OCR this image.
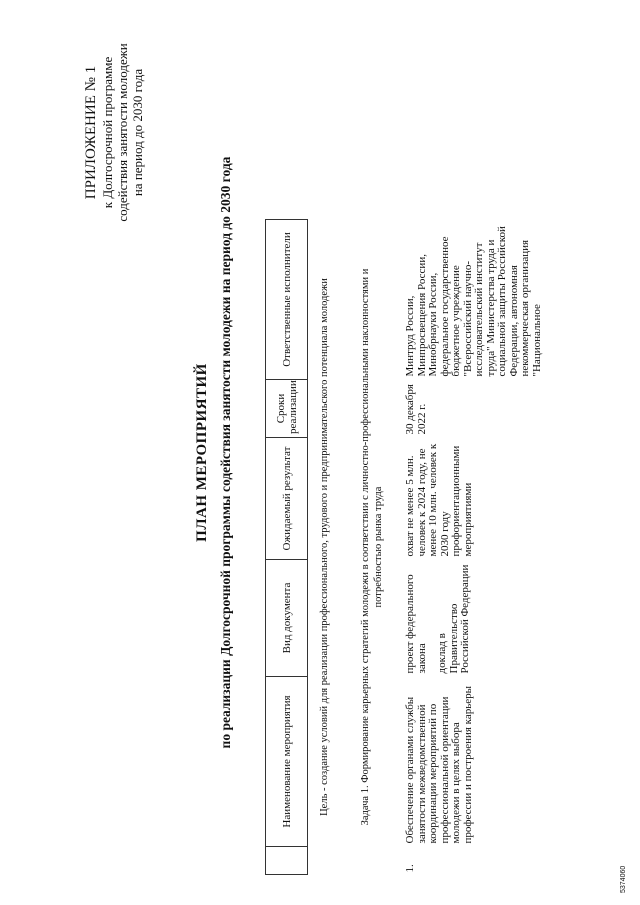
ПРИЛОЖЕНИЕ № 1 к Долгосрочной программе содействия занятости молодежи на период до 2030 года
ПЛАН МЕРОПРИЯТИЙ по реализации Долгосрочной программы содействия занятости молодежи на период до 2030 года
	Наименование мероприятия	Вид документа	Ожидаемый результат	Сроки реализации	Ответственные исполнители
Цель - создание условий для реализации профессионального, трудового и предпринимательского потенциала молодежи					
Задача 1. Формирование карьерных стратегий молодежи в соответствии с личностно-профессиональными наклонностями и потребностью рынка труда					
1.	Обеспечение органами службы занятости межведомственной координации мероприятий по профессиональной ориентации молодежи в целях выбора профессии и построения карьеры	проект федерального закона доклад в Правительство Российской Федерации	охват не менее 5 млн. человек к 2024 году, не менее 10 млн. человек к 2030 году профориентационными мероприятиями	30 декабря 2022 г.	Минтруд России, Минпросвещения России, Минобрнауки России, федеральное государственное бюджетное учреждение "Всероссийский научно-исследовательский институт труда" Министерства труда и социальной защиты Российской Федерации, автономная некоммерческая организация "Национальное
5374060
